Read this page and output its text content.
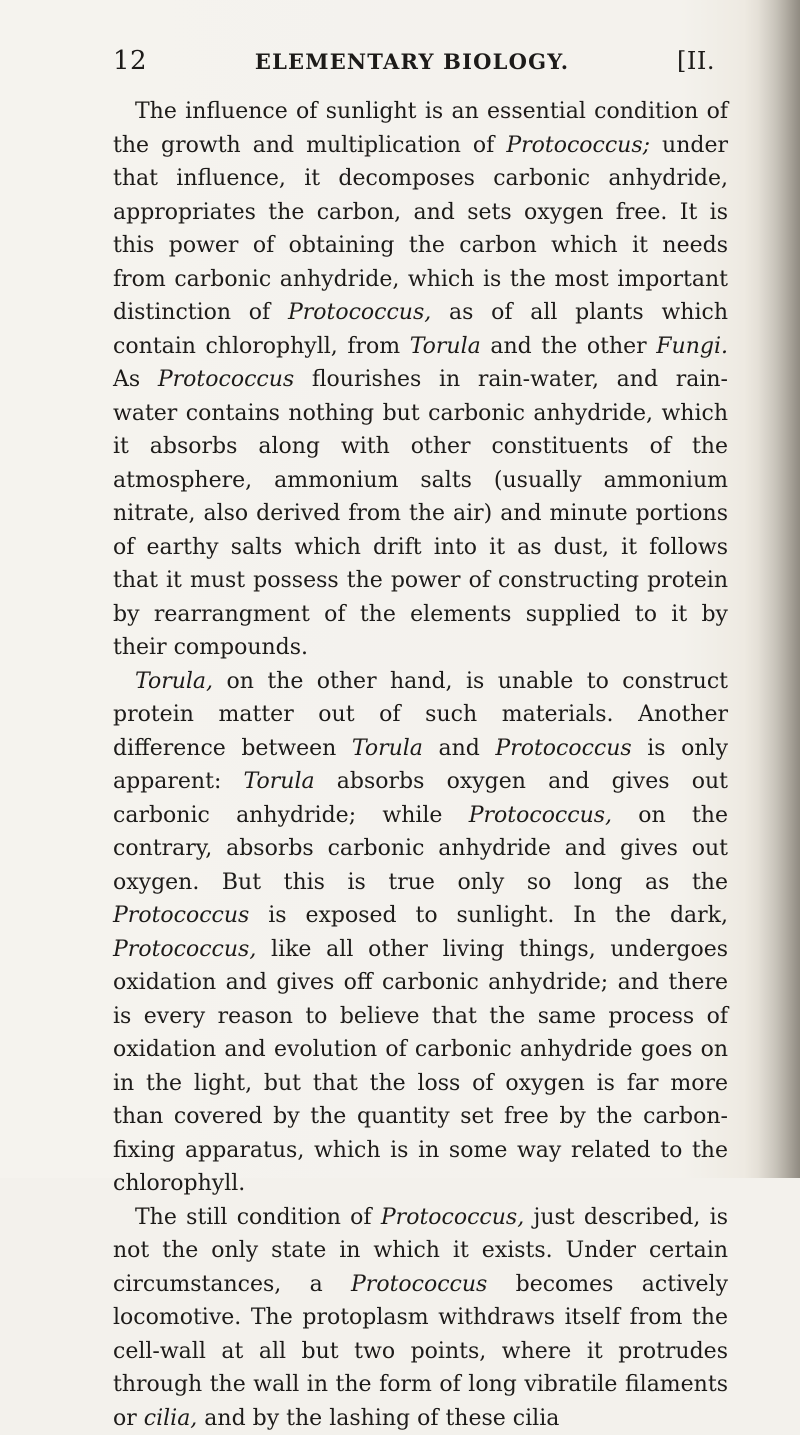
12	ELEMENTARY BIOLOGY.	[II.

The influence of sunlight is an essential condition of the growth and multiplication of Protococcus; under that influence, it decomposes carbonic anhydride, appropriates the carbon, and sets oxygen free. It is this power of obtaining the carbon which it needs from carbonic anhydride, which is the most important distinction of Protococcus, as of all plants which contain chlorophyll, from Torula and the other Fungi. As Protococcus flourishes in rain-water, and rain-water contains nothing but carbonic anhydride, which it absorbs along with other constituents of the atmosphere, ammonium salts (usually ammonium nitrate, also derived from the air) and minute portions of earthy salts which drift into it as dust, it follows that it must possess the power of constructing protein by rearrangment of the elements supplied to it by their compounds.

Torula, on the other hand, is unable to construct protein matter out of such materials. Another difference between Torula and Protococcus is only apparent: Torula absorbs oxygen and gives out carbonic anhydride; while Protococcus, on the contrary, absorbs carbonic anhydride and gives out oxygen. But this is true only so long as the Protococcus is exposed to sunlight. In the dark, Protococcus, like all other living things, undergoes oxidation and gives off carbonic anhydride; and there is every reason to believe that the same process of oxidation and evolution of carbonic anhydride goes on in the light, but that the loss of oxygen is far more than covered by the quantity set free by the carbon-fixing apparatus, which is in some way related to the chlorophyll.

The still condition of Protococcus, just described, is not the only state in which it exists. Under certain circumstances, a Protococcus becomes actively locomotive. The protoplasm withdraws itself from the cell-wall at all but two points, where it protrudes through the wall in the form of long vibratile filaments or cilia, and by the lashing of these cilia
